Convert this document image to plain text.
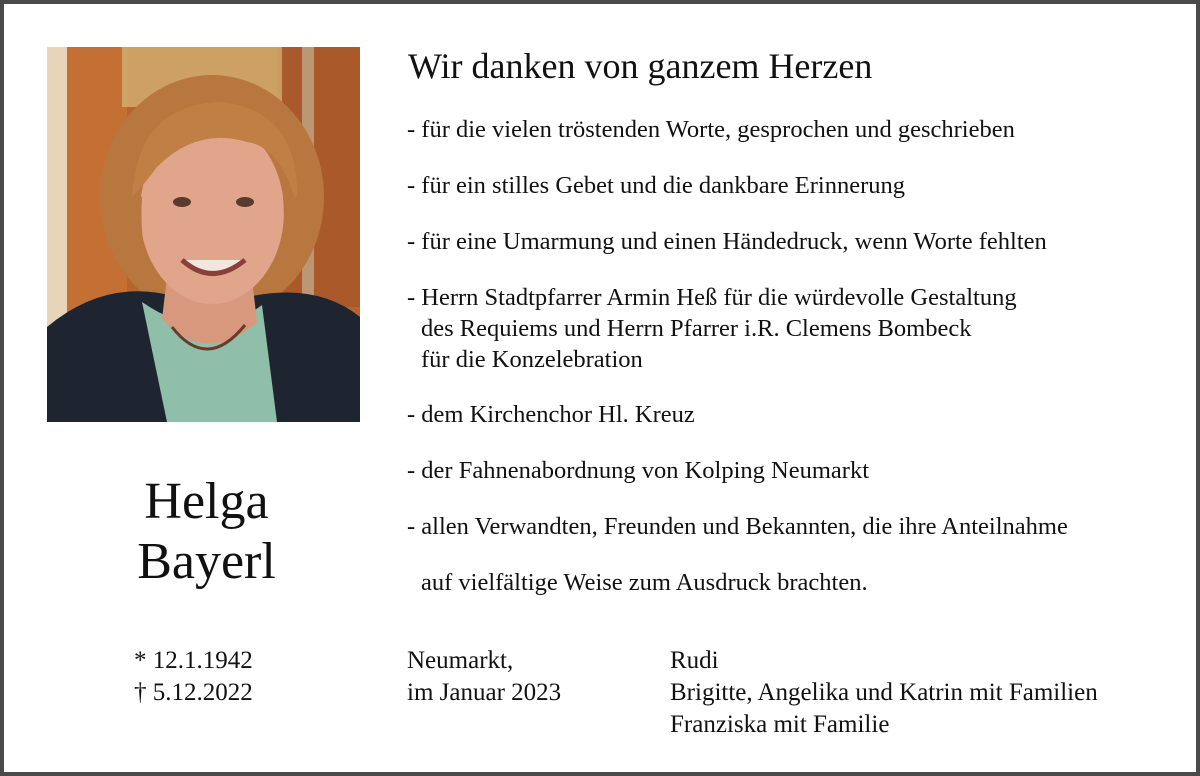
Helga
Bayerl
* 12.1.1942
† 5.12.2022
Wir danken von ganzem Herzen
- für die vielen tröstenden Worte, gesprochen und geschrieben
- für ein stilles Gebet und die dankbare Erinnerung
- für eine Umarmung und einen Händedruck, wenn Worte fehlten
- Herrn Stadtpfarrer Armin Heß für die würdevolle Gestaltung
des Requiems und Herrn Pfarrer i.R. Clemens Bombeck
für die Konzelebration
- dem Kirchenchor Hl. Kreuz
- der Fahnenabordnung von Kolping Neumarkt
- allen Verwandten, Freunden und Bekannten, die ihre Anteilnahme
auf vielfältige Weise zum Ausdruck brachten.
Neumarkt,
im Januar 2023
Rudi
Brigitte, Angelika und Katrin mit Familien
Franziska mit Familie
